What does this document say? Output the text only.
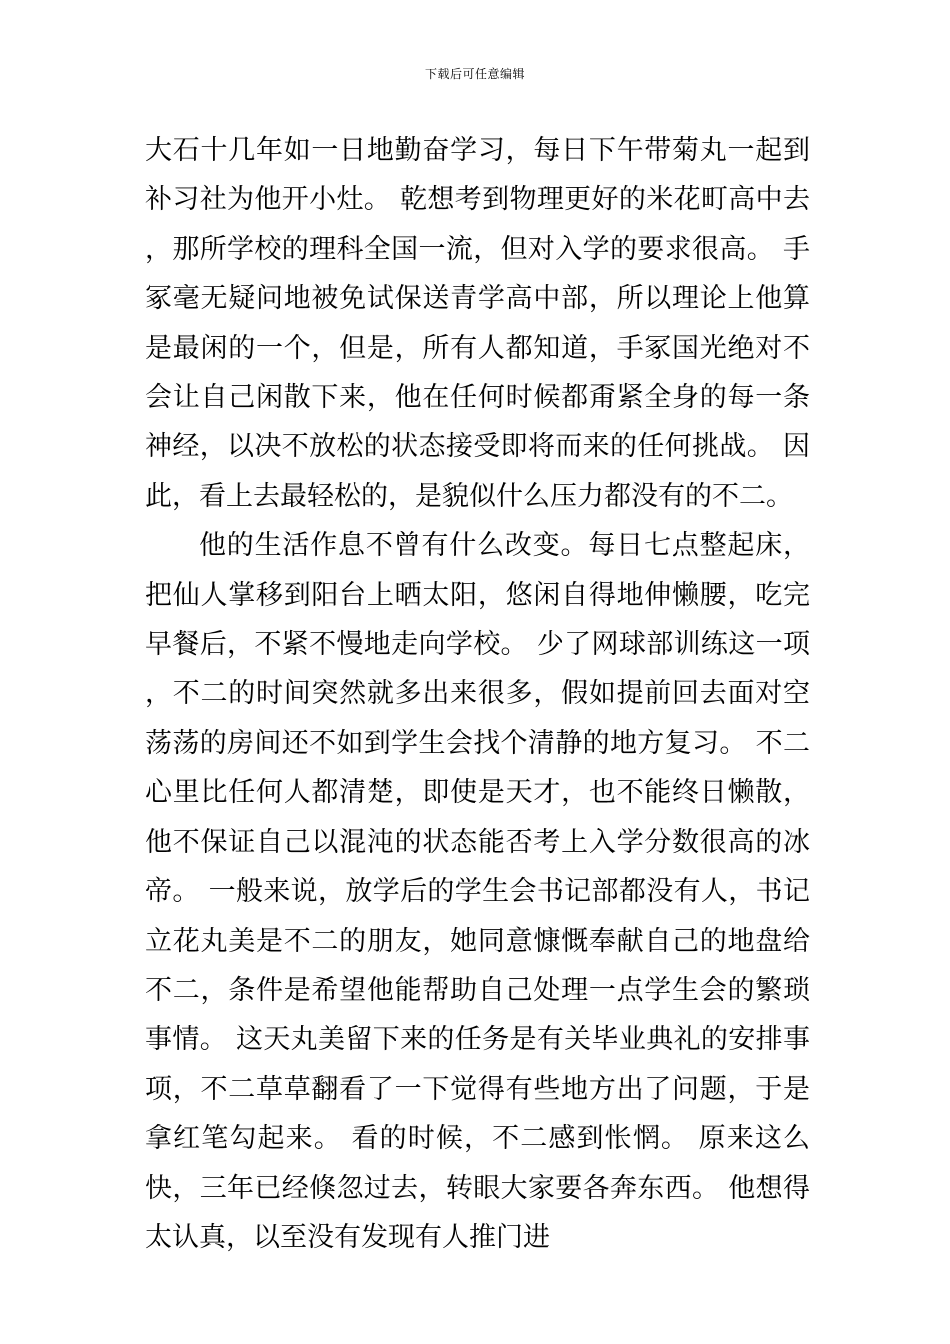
下载后可任意编辑

大石十几年如一日地勤奋学习，每日下午带菊丸一起到补习社为他开小灶。 乾想考到物理更好的米花町高中去，那所学校的理科全国一流，但对入学的要求很高。 手冢毫无疑问地被免试保送青学高中部，所以理论上他算是最闲的一个，但是，所有人都知道，手冢国光绝对不会让自己闲散下来，他在任何时候都甭紧全身的每一条神经，以决不放松的状态接受即将而来的任何挑战。 因此，看上去最轻松的，是貌似什么压力都没有的不二。

他的生活作息不曾有什么改变。每日七点整起床，把仙人掌移到阳台上晒太阳，悠闲自得地伸懒腰，吃完早餐后，不紧不慢地走向学校。 少了网球部训练这一项，不二的时间突然就多出来很多，假如提前回去面对空荡荡的房间还不如到学生会找个清静的地方复习。 不二心里比任何人都清楚，即使是天才，也不能终日懒散，他不保证自己以混沌的状态能否考上入学分数很高的冰帝。 一般来说，放学后的学生会书记部都没有人，书记立花丸美是不二的朋友，她同意慷慨奉献自己的地盘给不二，条件是希望他能帮助自己处理一点学生会的繁琐事情。 这天丸美留下来的任务是有关毕业典礼的安排事项，不二草草翻看了一下觉得有些地方出了问题，于是拿红笔勾起来。 看的时候，不二感到怅惘。 原来这么快，三年已经倏忽过去，转眼大家要各奔东西。 他想得太认真，以至没有发现有人推门进
